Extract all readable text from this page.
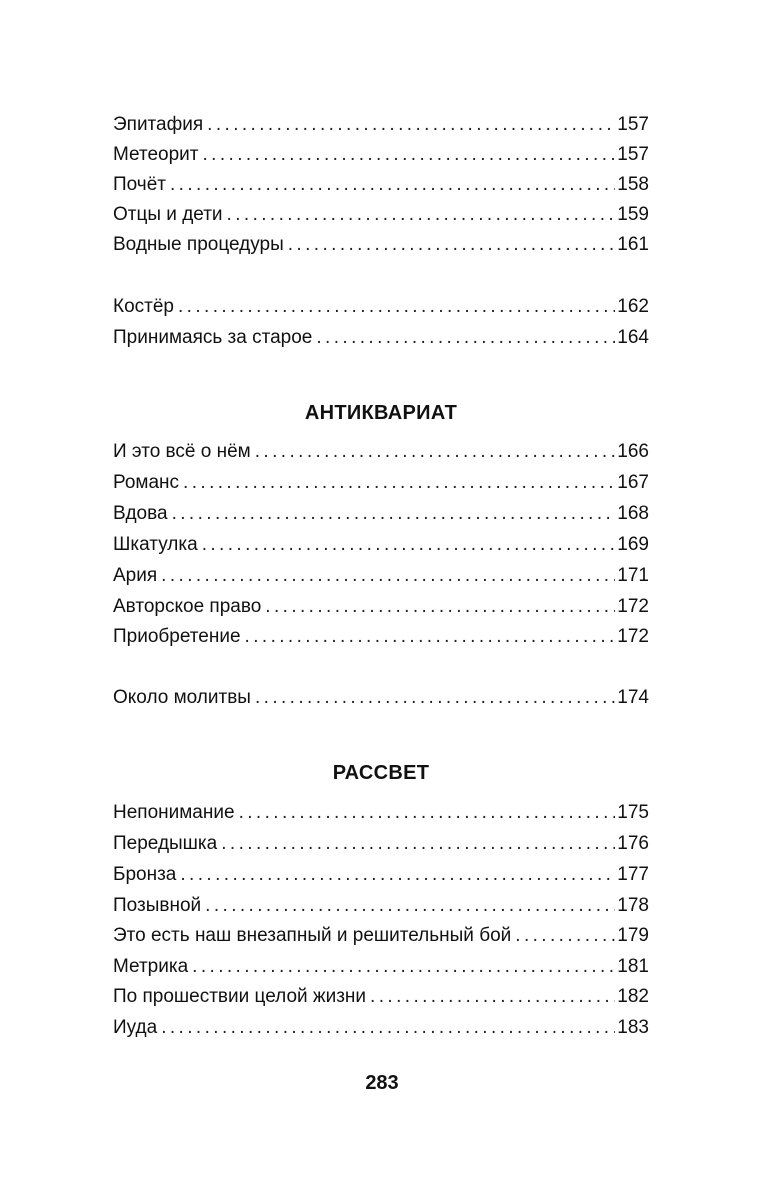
Эпитафия .....	157
Метеорит .....	157
Почёт .....	158
Отцы и дети .....	159
Водные процедуры .....	161
Костёр .....	162
Принимаясь за старое .....	164
И это всё о нём .....	166
Романс .....	167
Вдова .....	168
Шкатулка .....	169
Ария .....	171
Авторское право .....	172
Приобретение .....	172
Около молитвы .....	174
Непонимание .....	175
Передышка .....	176
Бронза .....	177
Позывной .....	178
Это есть наш внезапный и решительный бой .....	179
Метрика .....	181
По прошествии целой жизни .....	182
Иуда .....	183
АНТИКВАРИАТ
РАССВЕТ
283
